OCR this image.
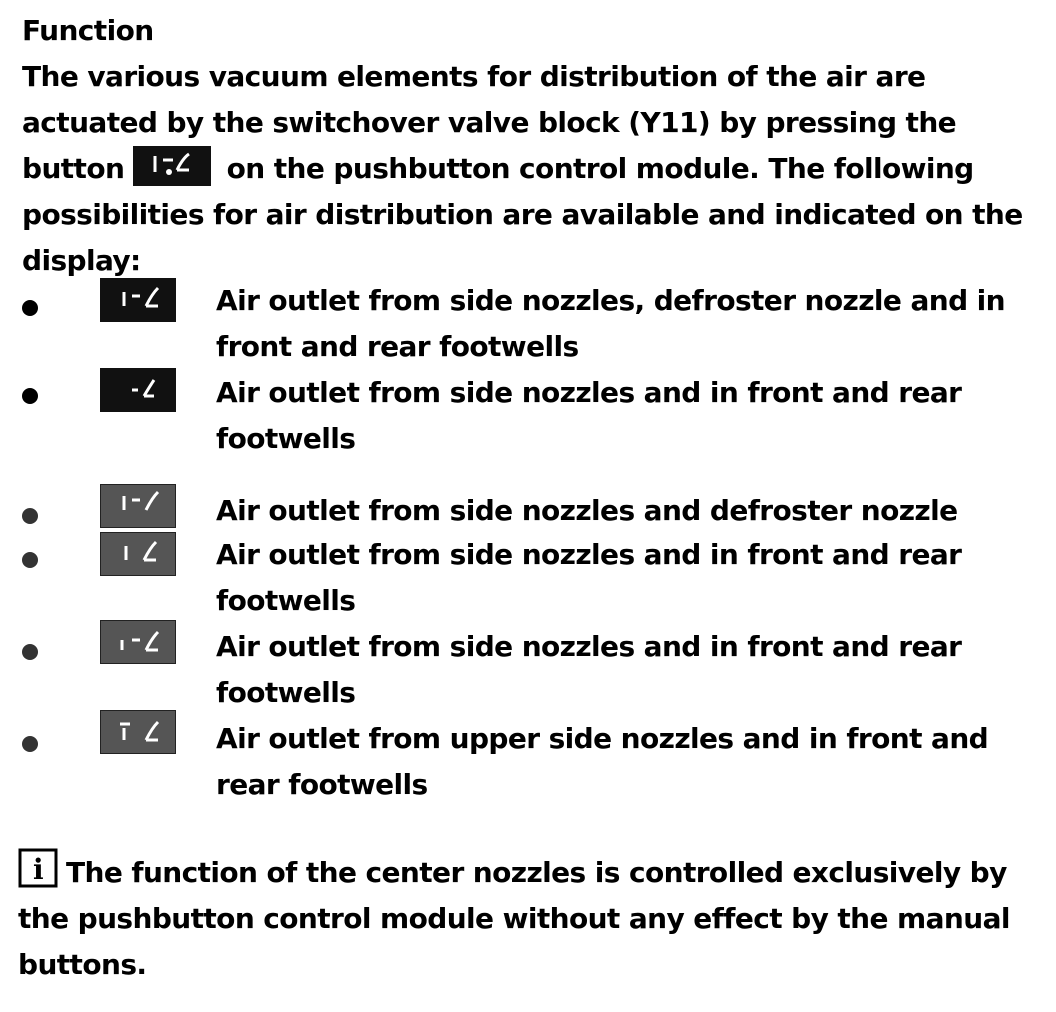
Function
The various vacuum elements for distribution of the air are
actuated by the switchover valve block (Y11) by pressing the
button	on the pushbutton control module. The following
possibilities for air distribution are available and indicated on the
display:
Air outlet from side nozzles, defroster nozzle and in
front and rear footwells
Air outlet from side nozzles and in front and rear
footwells
Air outlet from side nozzles and defroster nozzle
Air outlet from side nozzles and in front and rear
footwells
Air outlet from side nozzles and in front and rear
footwells
Air outlet from upper side nozzles and in front and
rear footwells
i The function of the center nozzles is controlled exclusively by
the pushbutton control module without any effect by the manual
buttons.
